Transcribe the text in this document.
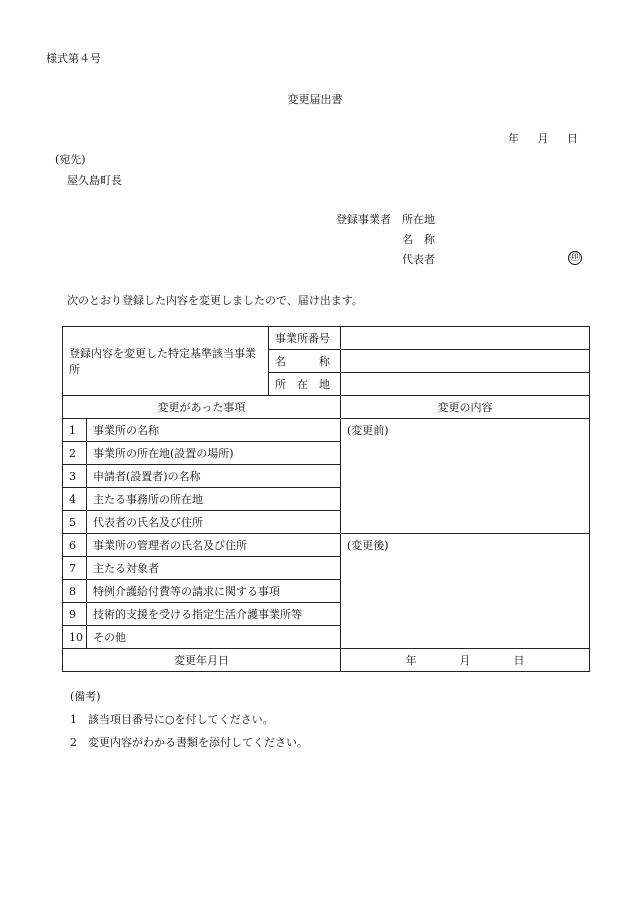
様式第４号
変更届出書
年 月 日
(宛先)
屋久島町長
登録事業者 所在地
名　称
代表者	㊞
次のとおり登録した内容を変更しましたので、届け出ます。
登録内容を変更した特定基準該当事業所		事業所番号	
		名　　　称	
		所　在　地	
変更があった事項			変更の内容
1	事業所の名称		(変更前)
2	事業所の所在地(設置の場所)		
3	申請者(設置者)の名称		
4	主たる事務所の所在地		
5	代表者の氏名及び住所		
6	事業所の管理者の氏名及び住所		(変更後)
7	主たる対象者		
8	特例介護給付費等の請求に関する事項		
9	技術的支援を受ける指定生活介護事業所等		
10	その他		
変更年月日			年 月 日
(備考)
1 該当項目番号に○を付してください。
2 変更内容がわかる書類を添付してください。
